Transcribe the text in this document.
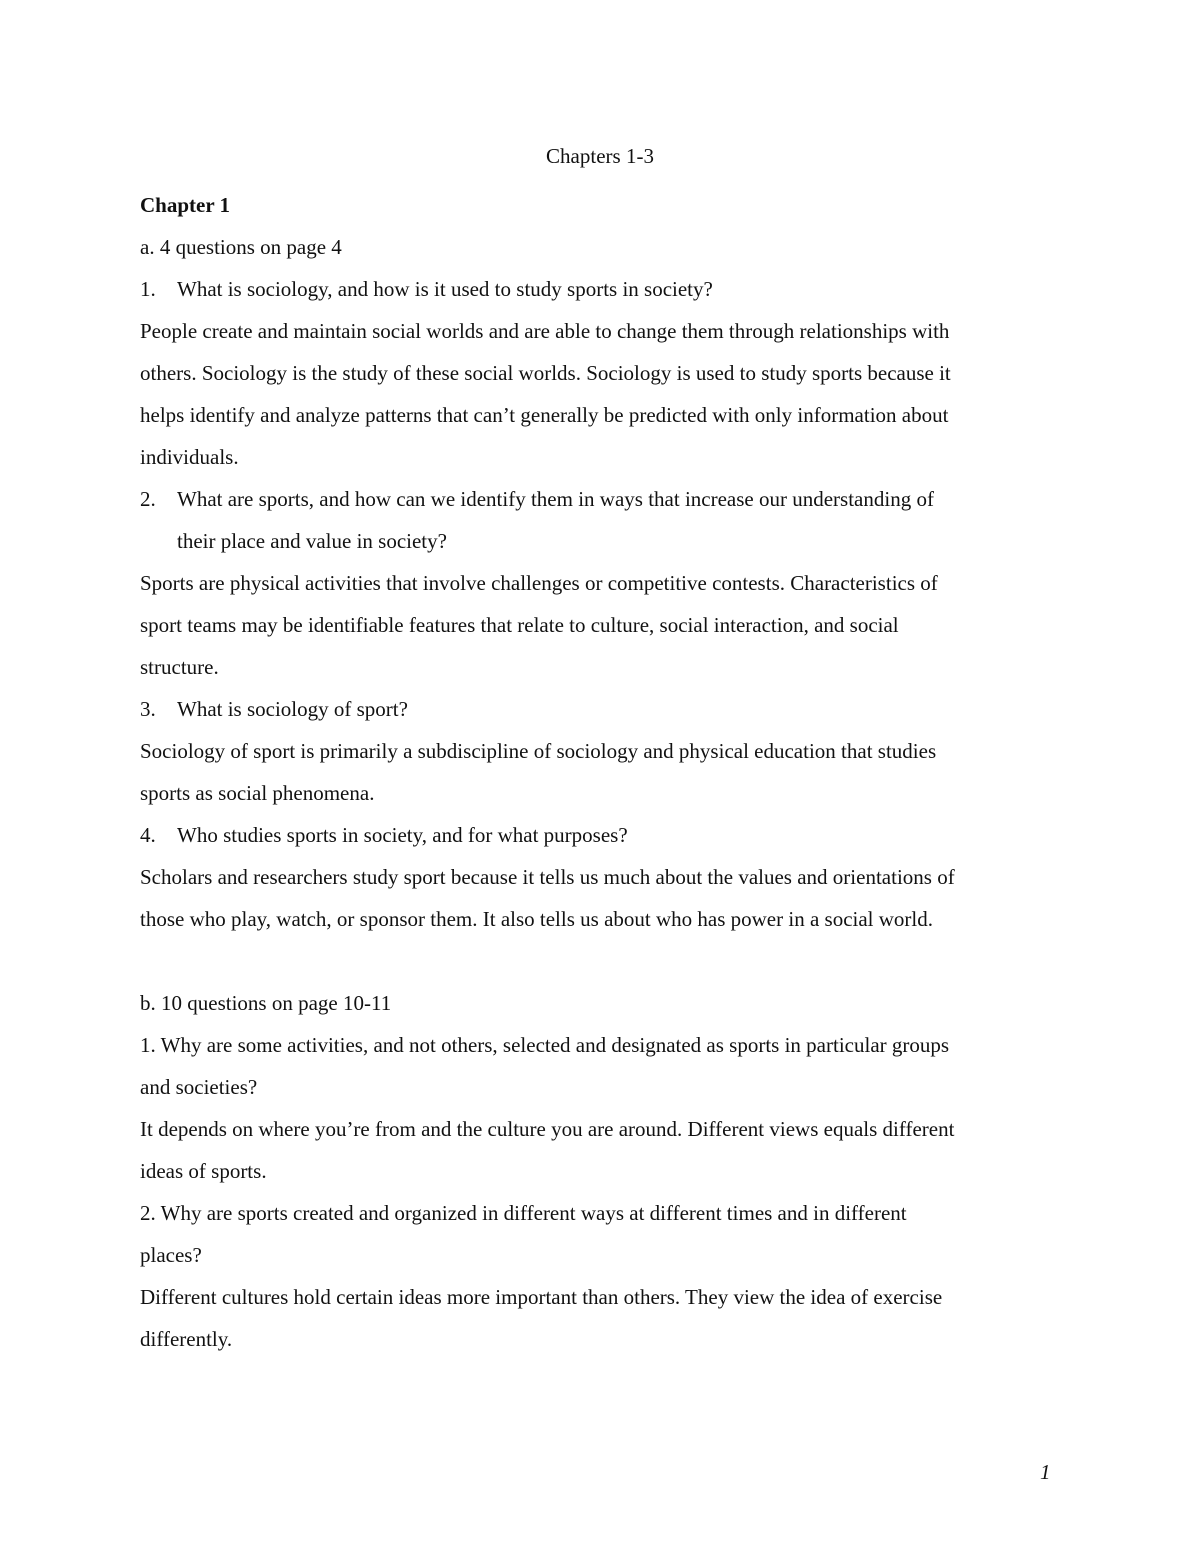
Chapters 1-3
Chapter 1
a. 4 questions on page 4
1. What is sociology, and how is it used to study sports in society?
People create and maintain social worlds and are able to change them through relationships with
others. Sociology is the study of these social worlds. Sociology is used to study sports because it
helps identify and analyze patterns that can’t generally be predicted with only information about
individuals.
2. What are sports, and how can we identify them in ways that increase our understanding of
their place and value in society?
Sports are physical activities that involve challenges or competitive contests. Characteristics of
sport teams may be identifiable features that relate to culture, social interaction, and social
structure.
3. What is sociology of sport?
Sociology of sport is primarily a subdiscipline of sociology and physical education that studies
sports as social phenomena.
4. Who studies sports in society, and for what purposes?
Scholars and researchers study sport because it tells us much about the values and orientations of
those who play, watch, or sponsor them. It also tells us about who has power in a social world.
b. 10 questions on page 10-11
1. Why are some activities, and not others, selected and designated as sports in particular groups
and societies?
It depends on where you’re from and the culture you are around. Different views equals different
ideas of sports.
2. Why are sports created and organized in different ways at different times and in different
places?
Different cultures hold certain ideas more important than others. They view the idea of exercise
differently.
1
